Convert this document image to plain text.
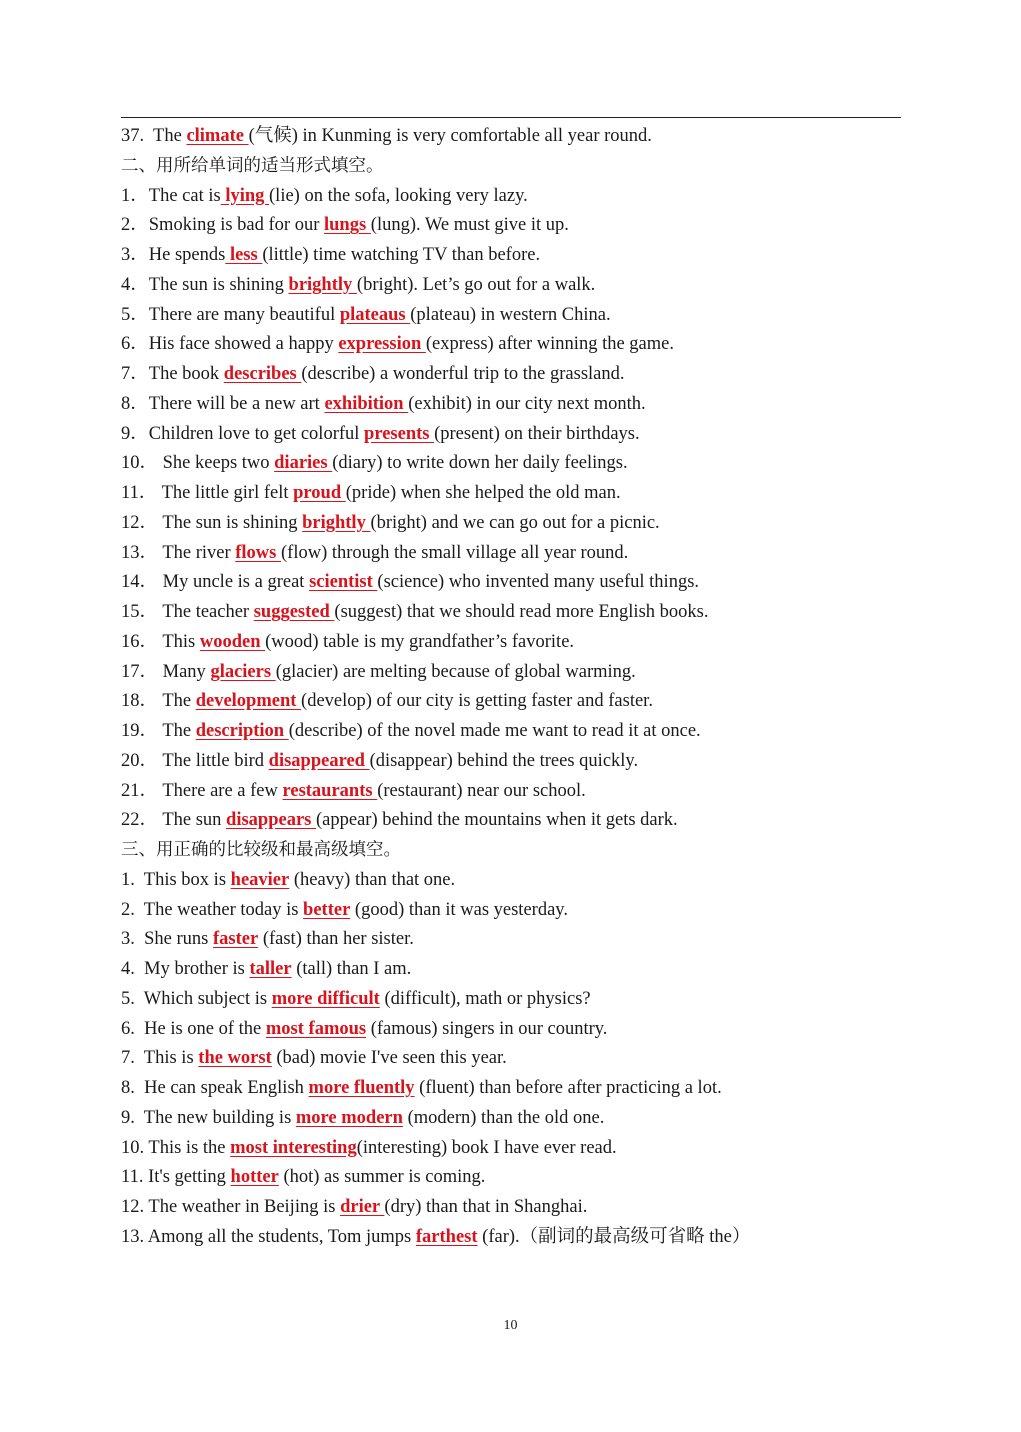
37. The climate (气候) in Kunming is very comfortable all year round.
二、用所给单词的适当形式填空。
1．The cat is lying (lie) on the sofa, looking very lazy.
2．Smoking is bad for our lungs (lung). We must give it up.
3．He spends less (little) time watching TV than before.
4．The sun is shining brightly (bright). Let’s go out for a walk.
5．There are many beautiful plateaus (plateau) in western China.
6．His face showed a happy expression (express) after winning the game.
7．The book describes (describe) a wonderful trip to the grassland.
8．There will be a new art exhibition (exhibit) in our city next month.
9．Children love to get colorful presents (present) on their birthdays.
10． She keeps two diaries (diary) to write down her daily feelings.
11． The little girl felt proud (pride) when she helped the old man.
12． The sun is shining brightly (bright) and we can go out for a picnic.
13． The river flows (flow) through the small village all year round.
14． My uncle is a great scientist (science) who invented many useful things.
15． The teacher suggested (suggest) that we should read more English books.
16． This wooden (wood) table is my grandfather’s favorite.
17． Many glaciers (glacier) are melting because of global warming.
18． The development (develop) of our city is getting faster and faster.
19． The description (describe) of the novel made me want to read it at once.
20． The little bird disappeared (disappear) behind the trees quickly.
21． There are a few restaurants (restaurant) near our school.
22． The sun disappears (appear) behind the mountains when it gets dark.
三、用正确的比较级和最高级填空。
1. This box is heavier (heavy) than that one.
2. The weather today is better (good) than it was yesterday.
3. She runs faster (fast) than her sister.
4. My brother is taller (tall) than I am.
5. Which subject is more difficult (difficult), math or physics?
6. He is one of the most famous (famous) singers in our country.
7. This is the worst (bad) movie I've seen this year.
8. He can speak English more fluently (fluent) than before after practicing a lot.
9. The new building is more modern (modern) than the old one.
10. This is the most interesting(interesting) book I have ever read.
11. It's getting hotter (hot) as summer is coming.
12. The weather in Beijing is drier (dry) than that in Shanghai.
13. Among all the students, Tom jumps farthest (far).（副词的最高级可省略 the）
10
